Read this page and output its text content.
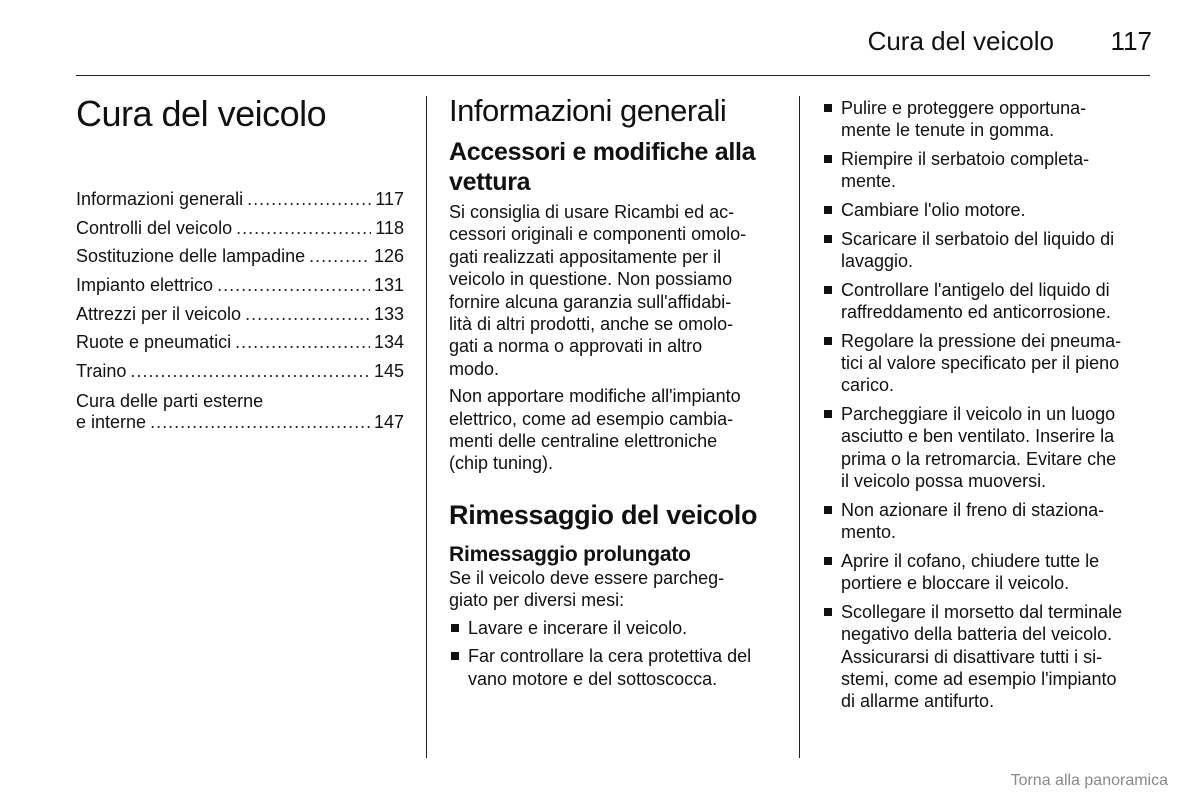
Cura del veicolo	117
Cura del veicolo
Informazioni generali .....	117
Controlli del veicolo .....	118
Sostituzione delle lampadine .....	126
Impianto elettrico .....	131
Attrezzi per il veicolo .....	133
Ruote e pneumatici .....	134
Traino .....	145
Cura delle parti esterne
e interne .....	147
Informazioni generali
Accessori e modifiche alla
vettura
Si consiglia di usare Ricambi ed ac-
cessori originali e componenti omolo-
gati realizzati appositamente per il
veicolo in questione. Non possiamo
fornire alcuna garanzia sull'affidabi-
lità di altri prodotti, anche se omolo-
gati a norma o approvati in altro
modo.
Non apportare modifiche all'impianto
elettrico, come ad esempio cambia-
menti delle centraline elettroniche
(chip tuning).
Rimessaggio del veicolo
Rimessaggio prolungato
Se il veicolo deve essere parcheg-
giato per diversi mesi:
Lavare e incerare il veicolo.
Far controllare la cera protettiva del
vano motore e del sottoscocca.
Pulire e proteggere opportuna-
mente le tenute in gomma.
Riempire il serbatoio completa-
mente.
Cambiare l'olio motore.
Scaricare il serbatoio del liquido di
lavaggio.
Controllare l'antigelo del liquido di
raffreddamento ed anticorrosione.
Regolare la pressione dei pneuma-
tici al valore specificato per il pieno
carico.
Parcheggiare il veicolo in un luogo
asciutto e ben ventilato. Inserire la
prima o la retromarcia. Evitare che
il veicolo possa muoversi.
Non azionare il freno di staziona-
mento.
Aprire il cofano, chiudere tutte le
portiere e bloccare il veicolo.
Scollegare il morsetto dal terminale
negativo della batteria del veicolo.
Assicurarsi di disattivare tutti i si-
stemi, come ad esempio l'impianto
di allarme antifurto.
Torna alla panoramica
